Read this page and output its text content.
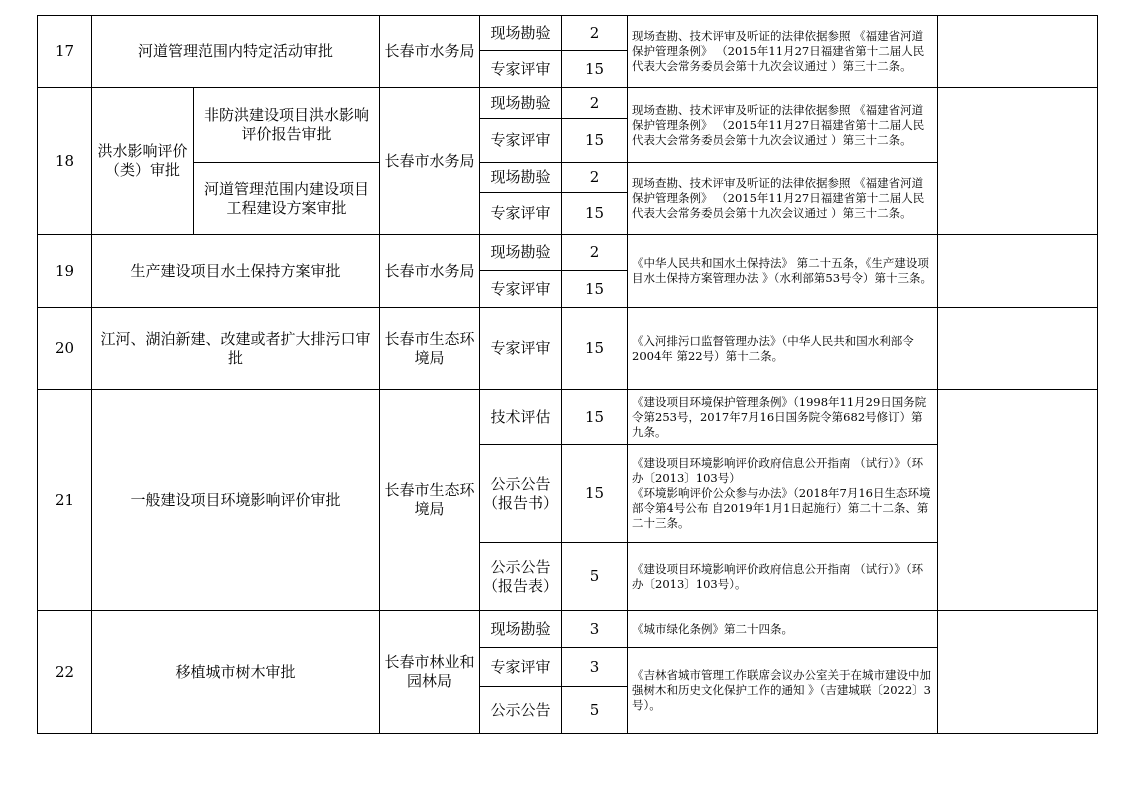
17	河道管理范围内特定活动审批		长春市水务局	现场勘验	2	现场查勘、技术评审及听证的法律依据参照 《福建省河道保护管理条例》 （2015年11月27日福建省第十二届人民代表大会常务委员会第十九次会议通过 ）第三十二条。	
				专家评审	15		
18	洪水影响评价（类）审批	非防洪建设项目洪水影响评价报告审批	长春市水务局	现场勘验	2	现场查勘、技术评审及听证的法律依据参照 《福建省河道保护管理条例》 （2015年11月27日福建省第十二届人民代表大会常务委员会第十九次会议通过 ）第三十二条。	
				专家评审	15		
		河道管理范围内建设项目工程建设方案审批		现场勘验	2	现场查勘、技术评审及听证的法律依据参照 《福建省河道保护管理条例》 （2015年11月27日福建省第十二届人民代表大会常务委员会第十九次会议通过 ）第三十二条。	
				专家评审	15		
19	生产建设项目水土保持方案审批		长春市水务局	现场勘验	2	《中华人民共和国水土保持法》 第二十五条，《生产建设项目水土保持方案管理办法 》（水利部第53号令）第十三条。	
				专家评审	15		
20	江河、湖泊新建、改建或者扩大排污口审批		长春市生态环境局	专家评审	15	《入河排污口监督管理办法》（中华人民共和国水利部令 2004年 第22号）第十二条。	
21	一般建设项目环境影响评价审批		长春市生态环境局	技术评估	15	《建设项目环境保护管理条例》（1998年11月29日国务院令第253号，2017年7月16日国务院令第682号修订）第九条。	
				公示公告（报告书）	15	《建设项目环境影响评价政府信息公开指南 （试行）》（环办〔2013〕103号）
《环境影响评价公众参与办法》（2018年7月16日生态环境部令第4号公布 自2019年1月1日起施行）第二十二条、第二十三条。	

				公示公告（报告表）	5	《建设项目环境影响评价政府信息公开指南 （试行）》（环办〔2013〕103号）。	
22	移植城市树木审批		长春市林业和园林局	现场勘验	3	《城市绿化条例》第二十四条。	
				专家评审	3	《吉林省城市管理工作联席会议办公室关于在城市建设中加强树木和历史文化保护工作的通知 》（吉建城联〔2022〕3号）。	
				公示公告	5		
